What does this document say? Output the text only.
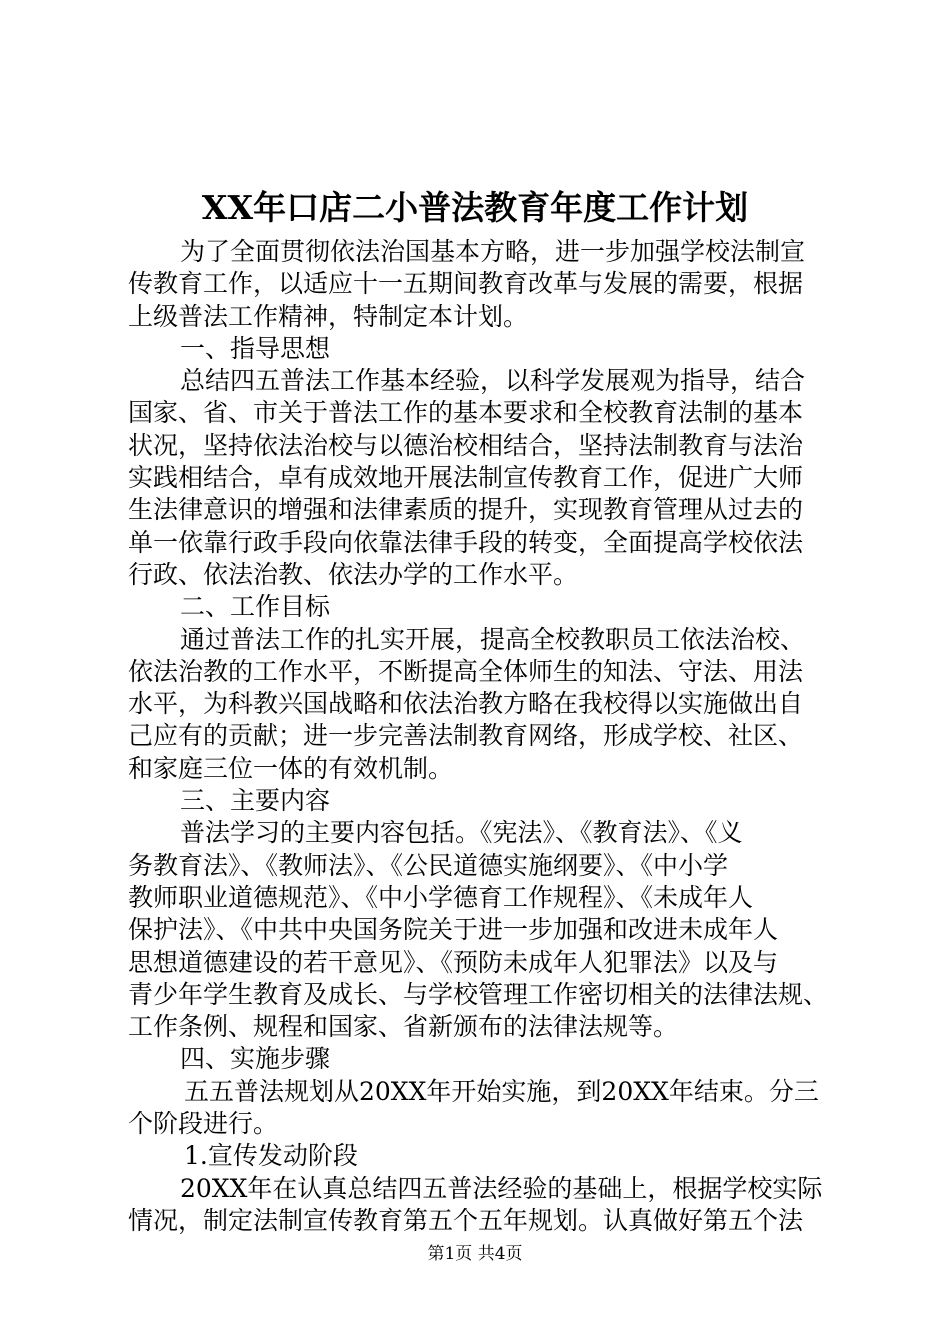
XX年口店二小普法教育年度工作计划
为了全面贯彻依法治国基本方略，进一步加强学校法制宣
传教育工作，以适应十一五期间教育改革与发展的需要，根据
上级普法工作精神，特制定本计划。
一、指导思想
总结四五普法工作基本经验，以科学发展观为指导，结合
国家、省、市关于普法工作的基本要求和全校教育法制的基本
状况，坚持依法治校与以德治校相结合，坚持法制教育与法治
实践相结合，卓有成效地开展法制宣传教育工作，促进广大师
生法律意识的增强和法律素质的提升，实现教育管理从过去的
单一依靠行政手段向依靠法律手段的转变，全面提高学校依法
行政、依法治教、依法办学的工作水平。
二、工作目标
通过普法工作的扎实开展，提高全校教职员工依法治校、
依法治教的工作水平，不断提高全体师生的知法、守法、用法
水平，为科教兴国战略和依法治教方略在我校得以实施做出自
己应有的贡献；进一步完善法制教育网络，形成学校、社区、
和家庭三位一体的有效机制。
三、主要内容
普法学习的主要内容包括。《宪法》、《教育法》、《义
务教育法》、《教师法》、《公民道德实施纲要》、《中小学
教师职业道德规范》、《中小学德育工作规程》、《未成年人
保护法》、《中共中央国务院关于进一步加强和改进未成年人
思想道德建设的若干意见》、《预防未成年人犯罪法》以及与
青少年学生教育及成长、与学校管理工作密切相关的法律法规、
工作条例、规程和国家、省新颁布的法律法规等。
四、实施步骤
五五普法规划从20XX年开始实施，到20XX年结束。分三
个阶段进行。
1.宣传发动阶段
20XX年在认真总结四五普法经验的基础上，根据学校实际
情况，制定法制宣传教育第五个五年规划。认真做好第五个法
第1页 共4页
